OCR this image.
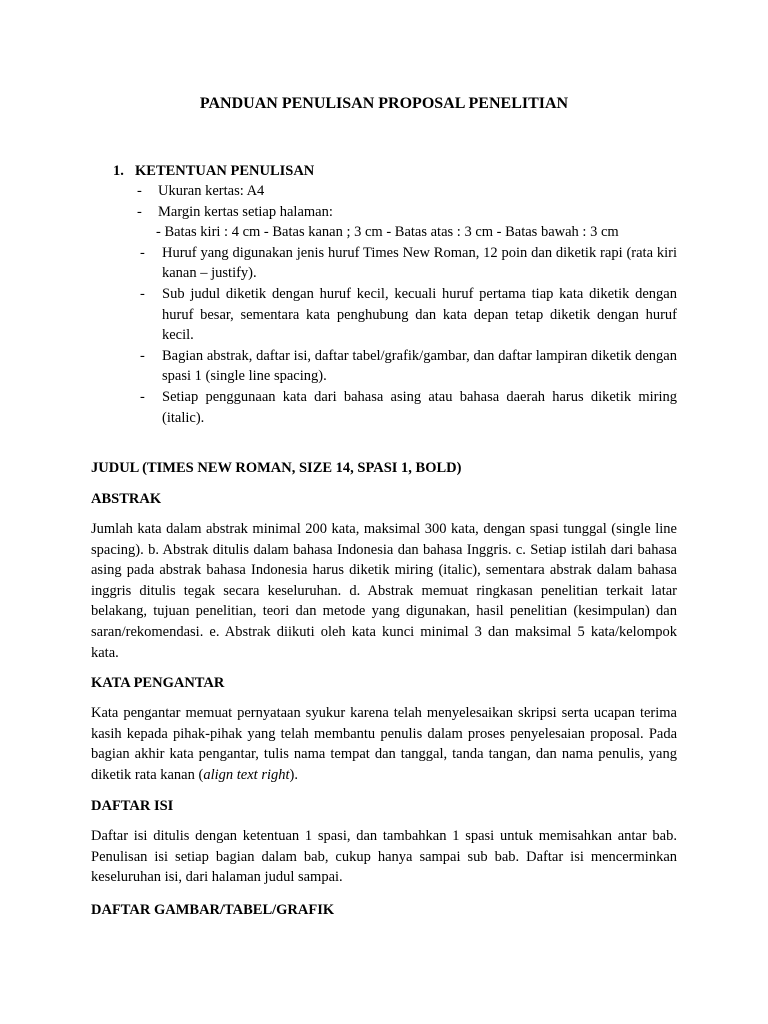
PANDUAN PENULISAN PROPOSAL PENELITIAN
1. KETENTUAN PENULISAN
-	Ukuran kertas: A4
-	Margin kertas setiap halaman:
- Batas kiri : 4 cm - Batas kanan ; 3 cm - Batas atas : 3 cm - Batas bawah : 3 cm
- Huruf yang digunakan jenis huruf Times New Roman, 12 poin dan diketik rapi (rata kiri kanan – justify).
- Sub judul diketik dengan huruf kecil, kecuali huruf pertama tiap kata diketik dengan huruf besar, sementara kata penghubung dan kata depan tetap diketik dengan huruf kecil.
- Bagian abstrak, daftar isi, daftar tabel/grafik/gambar, dan daftar lampiran diketik dengan spasi 1 (single line spacing).
- Setiap penggunaan kata dari bahasa asing atau bahasa daerah harus diketik miring (italic).
JUDUL (TIMES NEW ROMAN, SIZE 14, SPASI 1, BOLD)
ABSTRAK

Jumlah kata dalam abstrak minimal 200 kata, maksimal 300 kata, dengan spasi tunggal (single line spacing). b. Abstrak ditulis dalam bahasa Indonesia dan bahasa Inggris. c. Setiap istilah dari bahasa asing pada abstrak bahasa Indonesia harus diketik miring (italic), sementara abstrak dalam bahasa inggris ditulis tegak secara keseluruhan. d. Abstrak memuat ringkasan penelitian terkait latar belakang, tujuan penelitian, teori dan metode yang digunakan, hasil penelitian (kesimpulan) dan saran/rekomendasi. e. Abstrak diikuti oleh kata kunci minimal 3 dan maksimal 5 kata/kelompok kata.

KATA PENGANTAR

Kata pengantar memuat pernyataan syukur karena telah menyelesaikan skripsi serta ucapan terima kasih kepada pihak-pihak yang telah membantu penulis dalam proses penyelesaian proposal. Pada bagian akhir kata pengantar, tulis nama tempat dan tanggal, tanda tangan, dan nama penulis, yang diketik rata kanan (align text right).

DAFTAR ISI

Daftar isi ditulis dengan ketentuan 1 spasi, dan tambahkan 1 spasi untuk memisahkan antar bab. Penulisan isi setiap bagian dalam bab, cukup hanya sampai sub bab. Daftar isi mencerminkan keseluruhan isi, dari halaman judul sampai.

DAFTAR GAMBAR/TABEL/GRAFIK
